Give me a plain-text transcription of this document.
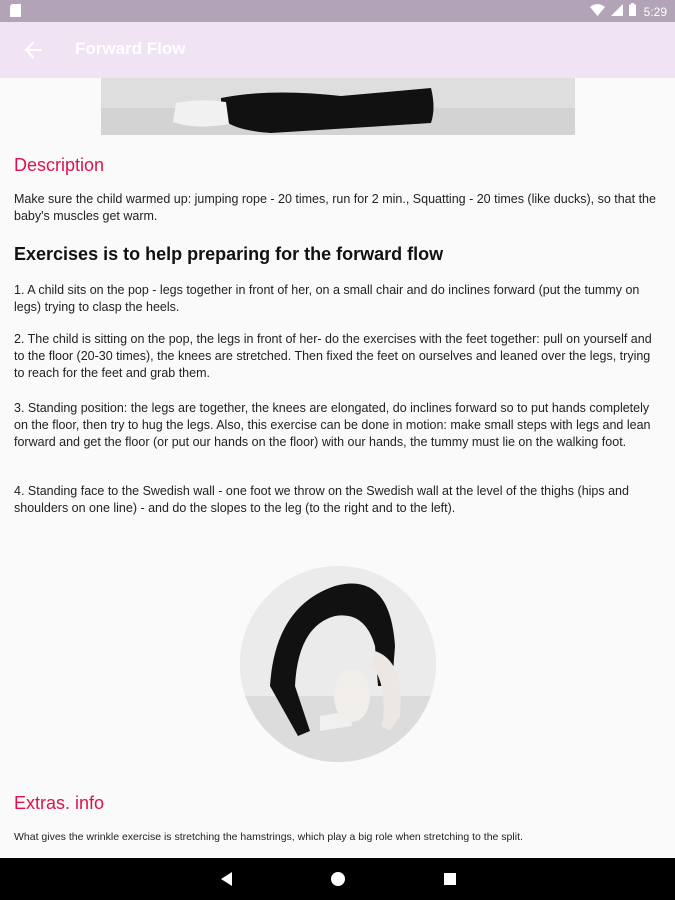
5:29
Forward Flow
Description
Make sure the child warmed up: jumping rope - 20 times, run for 2 min., Squatting - 20 times (like ducks), so that the baby's muscles get warm.
Exercises is to help preparing for the forward flow
1. A child sits on the pop - legs together in front of her, on a small chair and do inclines forward (put the tummy on legs) trying to clasp the heels.
2. The child is sitting on the pop, the legs in front of her- do the exercises with the feet together: pull on yourself and to the floor (20-30 times), the knees are stretched. Then fixed the feet on ourselves and leaned over the legs, trying to reach for the feet and grab them.
3. Standing position: the legs are together, the knees are elongated, do inclines forward so to put hands completely on the floor, then try to hug the legs. Also, this exercise can be done in motion: make small steps with legs and lean forward and get the floor (or put our hands on the floor) with our hands, the tummy must lie on the walking foot.
4. Standing face to the Swedish wall - one foot we throw on the Swedish wall at the level of the thighs (hips and shoulders on one line) - and do the slopes to the leg (to the right and to the left).
Extras. info
What gives the wrinkle exercise is stretching the hamstrings, which play a big role when stretching to the split.
